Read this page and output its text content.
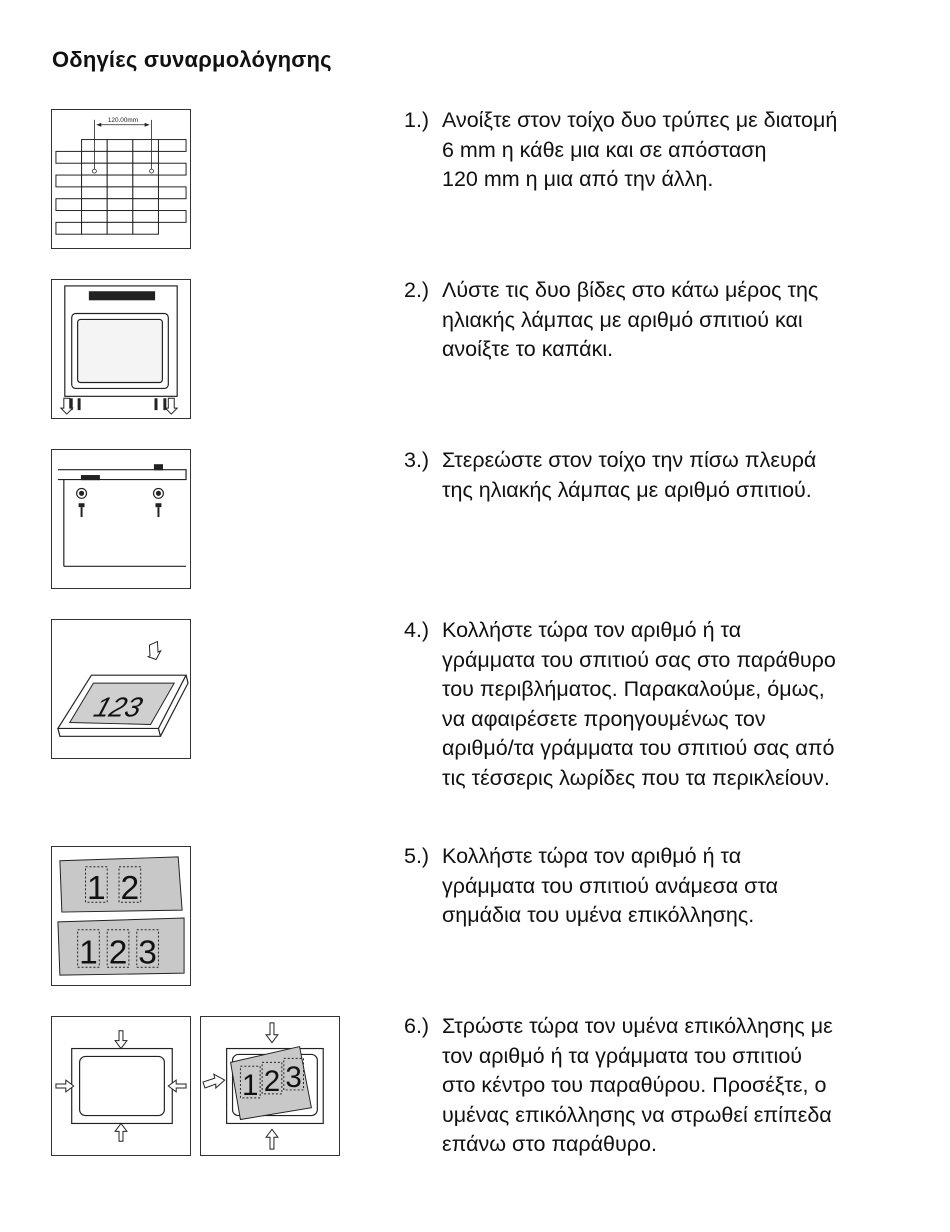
Οδηγίες συναρμολόγησης
120.00mm
123
1 2
1 2 3
1 2 3
1.) Ανοίξτε στον τοίχο δυο τρύπες με διατομή
6 mm η κάθε μια και σε απόσταση
120 mm η μια από την άλλη.
2.) Λύστε τις δυο βίδες στο κάτω μέρος της
ηλιακής λάμπας με αριθμό σπιτιού και
ανοίξτε το καπάκι.
3.) Στερεώστε στον τοίχο την πίσω πλευρά
της ηλιακής λάμπας με αριθμό σπιτιού.
4.) Κολλήστε τώρα τον αριθμό ή τα
γράμματα του σπιτιού σας στο παράθυρο
του περιβλήματος. Παρακαλούμε, όμως,
να αφαιρέσετε προηγουμένως τον
αριθμό/τα γράμματα του σπιτιού σας από
τις τέσσερις λωρίδες που τα περικλείουν.
5.) Κολλήστε τώρα τον αριθμό ή τα
γράμματα του σπιτιού ανάμεσα στα
σημάδια του υμένα επικόλλησης.
6.) Στρώστε τώρα τον υμένα επικόλλησης με
τον αριθμό ή τα γράμματα του σπιτιού
στο κέντρο του παραθύρου. Προσέξτε, ο
υμένας επικόλλησης να στρωθεί επίπεδα
επάνω στο παράθυρο.
